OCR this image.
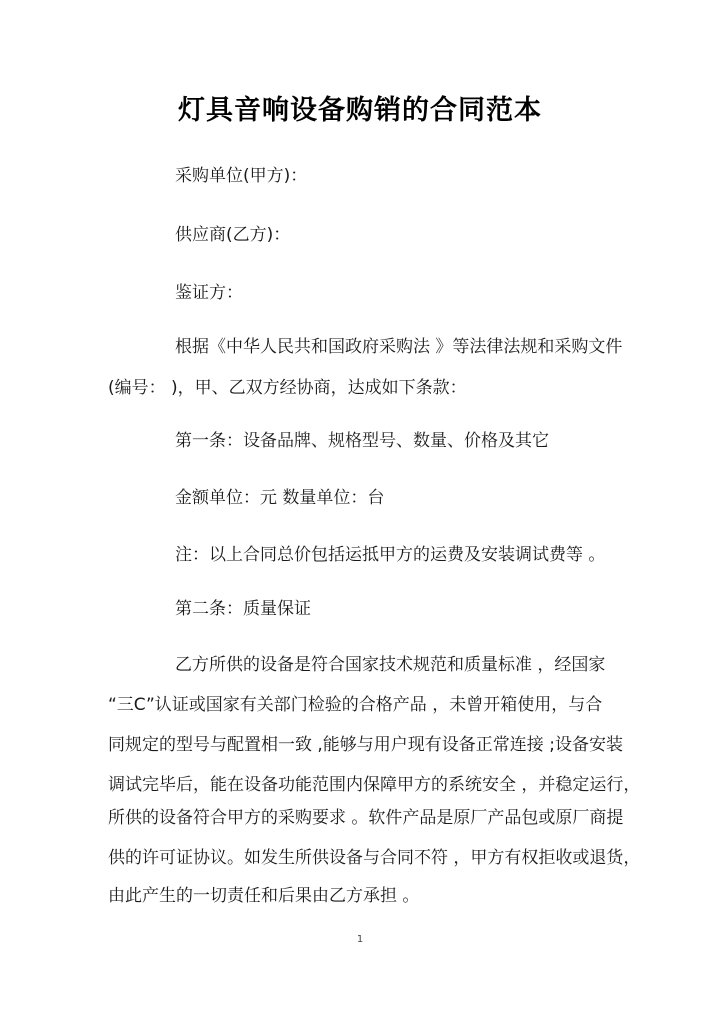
灯具音响设备购销的合同范本
采购单位(甲方)：
供应商(乙方)：
鉴证方：
根据《中华人民共和国政府采购法 》等法律法规和采购文件
(编号： )，甲、乙双方经协商，达成如下条款：
第一条：设备品牌、规格型号、数量、价格及其它
金额单位：元 数量单位：台
注：以上合同总价包括运抵甲方的运费及安装调试费等 。
第二条：质量保证
乙方所供的设备是符合国家技术规范和质量标准 ，经国家
“三C”认证或国家有关部门检验的合格产品 ，未曾开箱使用，与合
同规定的型号与配置相一致 ,能够与用户现有设备正常连接 ;设备安装
调试完毕后，能在设备功能范围内保障甲方的系统安全 ，并稳定运行，
所供的设备符合甲方的采购要求 。软件产品是原厂产品包或原厂商提
供的许可证协议。如发生所供设备与合同不符 ，甲方有权拒收或退货，
由此产生的一切责任和后果由乙方承担 。
1
